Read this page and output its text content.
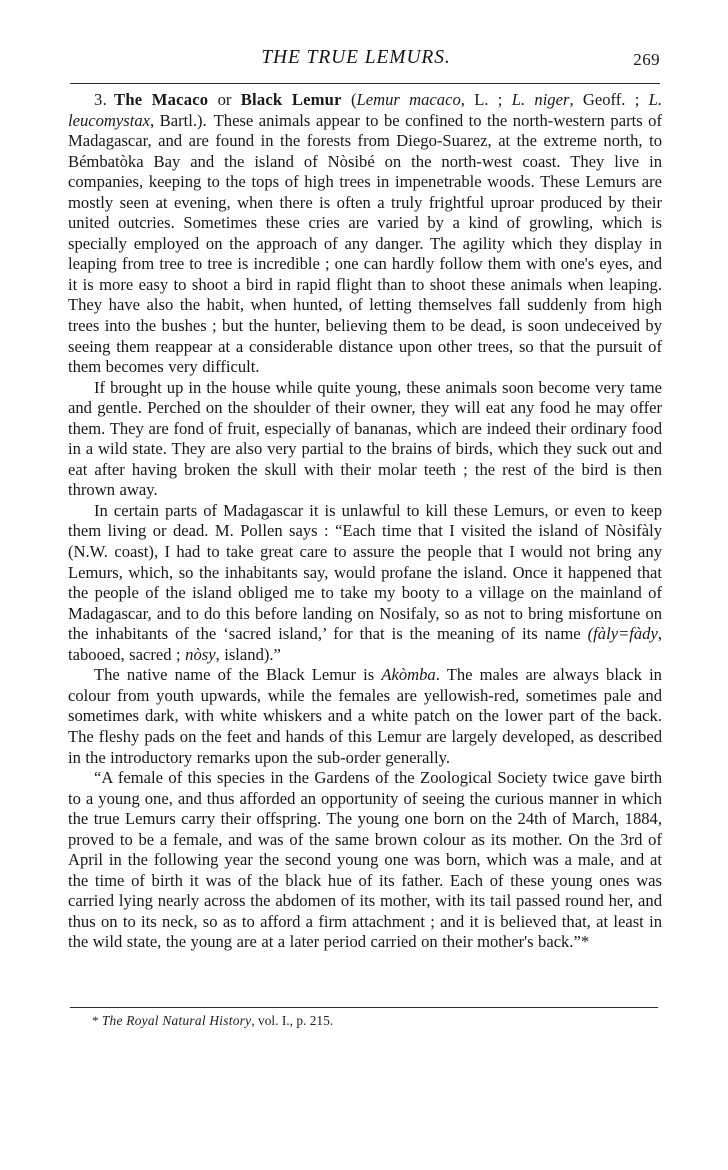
THE TRUE LEMURS.	269

3. The Macaco or Black Lemur (Lemur macaco, L. ; L. niger, Geoff. ; L. leucomystax, Bartl.). These animals appear to be confined to the north-western parts of Madagascar, and are found in the forests from Diego-Suarez, at the extreme north, to Bémbatòka Bay and the island of Nòsibé on the north-west coast. They live in companies, keeping to the tops of high trees in impenetrable woods. These Lemurs are mostly seen at evening, when there is often a truly frightful uproar produced by their united outcries. Sometimes these cries are varied by a kind of growling, which is specially employed on the approach of any danger. The agility which they display in leaping from tree to tree is incredible ; one can hardly follow them with one's eyes, and it is more easy to shoot a bird in rapid flight than to shoot these animals when leaping. They have also the habit, when hunted, of letting themselves fall suddenly from high trees into the bushes ; but the hunter, believing them to be dead, is soon undeceived by seeing them reappear at a considerable distance upon other trees, so that the pursuit of them becomes very difficult.

If brought up in the house while quite young, these animals soon become very tame and gentle. Perched on the shoulder of their owner, they will eat any food he may offer them. They are fond of fruit, especially of bananas, which are indeed their ordinary food in a wild state. They are also very partial to the brains of birds, which they suck out and eat after having broken the skull with their molar teeth ; the rest of the bird is then thrown away.

In certain parts of Madagascar it is unlawful to kill these Lemurs, or even to keep them living or dead. M. Pollen says : “Each time that I visited the island of Nòsifàly (N.W. coast), I had to take great care to assure the people that I would not bring any Lemurs, which, so the inhabitants say, would profane the island. Once it happened that the people of the island obliged me to take my booty to a village on the mainland of Madagascar, and to do this before landing on Nosifaly, so as not to bring misfortune on the inhabitants of the ‘sacred island,’ for that is the meaning of its name (fàly=fàdy, tabooed, sacred ; nòsy, island).”

The native name of the Black Lemur is Akòmba. The males are always black in colour from youth upwards, while the females are yellowish-red, sometimes pale and sometimes dark, with white whiskers and a white patch on the lower part of the back. The fleshy pads on the feet and hands of this Lemur are largely developed, as described in the introductory remarks upon the sub-order generally.

“A female of this species in the Gardens of the Zoological Society twice gave birth to a young one, and thus afforded an opportunity of seeing the curious manner in which the true Lemurs carry their offspring. The young one born on the 24th of March, 1884, proved to be a female, and was of the same brown colour as its mother. On the 3rd of April in the following year the second young one was born, which was a male, and at the time of birth it was of the black hue of its father. Each of these young ones was carried lying nearly across the abdomen of its mother, with its tail passed round her, and thus on to its neck, so as to afford a firm attachment ; and it is believed that, at least in the wild state, the young are at a later period carried on their mother's back.”*

* The Royal Natural History, vol. I., p. 215.
